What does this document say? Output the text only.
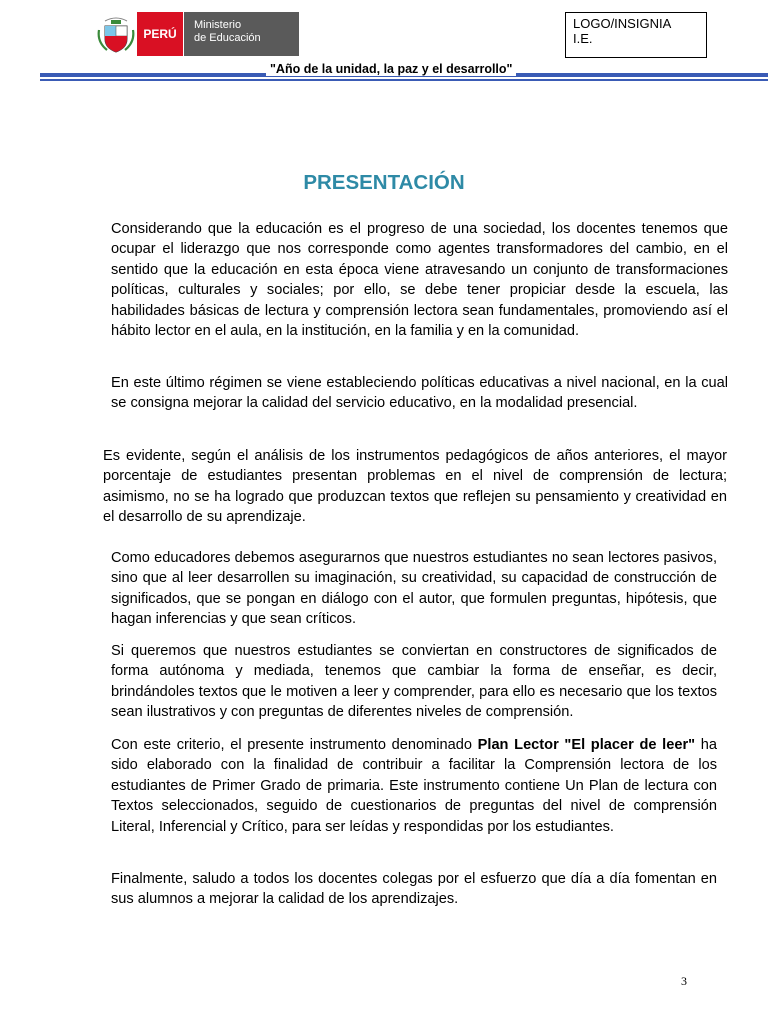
PERÚ
Ministerio
de Educación
LOGO/INSIGNIA
I.E.
"Año de la unidad, la paz y el desarrollo"
PRESENTACIÓN

Considerando que la educación es el progreso de una sociedad, los docentes tenemos que ocupar el liderazgo que nos corresponde como agentes transformadores del cambio, en el sentido que la educación en esta época viene atravesando un conjunto de transformaciones políticas, culturales y sociales; por ello, se debe tener propiciar desde la escuela, las habilidades básicas de lectura y comprensión lectora sean fundamentales, promoviendo así el hábito lector en el aula, en la institución, en la familia y en la comunidad.

En este último régimen se viene estableciendo políticas educativas a nivel nacional, en la cual se consigna mejorar la calidad del servicio educativo, en la modalidad presencial.

Es evidente, según el análisis de los instrumentos pedagógicos de años anteriores, el mayor porcentaje de estudiantes presentan problemas en el nivel de comprensión de lectura; asimismo, no se ha logrado que produzcan textos que reflejen su pensamiento y creatividad en el desarrollo de su aprendizaje.

Como educadores debemos asegurarnos que nuestros estudiantes no sean lectores pasivos, sino que al leer desarrollen su imaginación, su creatividad, su capacidad de construcción de significados, que se pongan en diálogo con el autor, que formulen preguntas, hipótesis, que hagan inferencias y que sean críticos.

Si queremos que nuestros estudiantes se conviertan en constructores de significados de forma autónoma y mediada, tenemos que cambiar la forma de enseñar, es decir, brindándoles textos que le motiven a leer y comprender, para ello es necesario que los textos sean ilustrativos y con preguntas de diferentes niveles de comprensión.

Con este criterio, el presente instrumento denominado Plan Lector "El placer de leer" ha sido elaborado con la finalidad de contribuir a facilitar la Comprensión lectora de los estudiantes de Primer Grado de primaria. Este instrumento contiene Un Plan de lectura con Textos seleccionados, seguido de cuestionarios de preguntas del nivel de comprensión Literal, Inferencial y Crítico, para ser leídas y respondidas por los estudiantes.

Finalmente, saludo a todos los docentes colegas por el esfuerzo que día a día fomentan en sus alumnos a mejorar la calidad de los aprendizajes.

3
